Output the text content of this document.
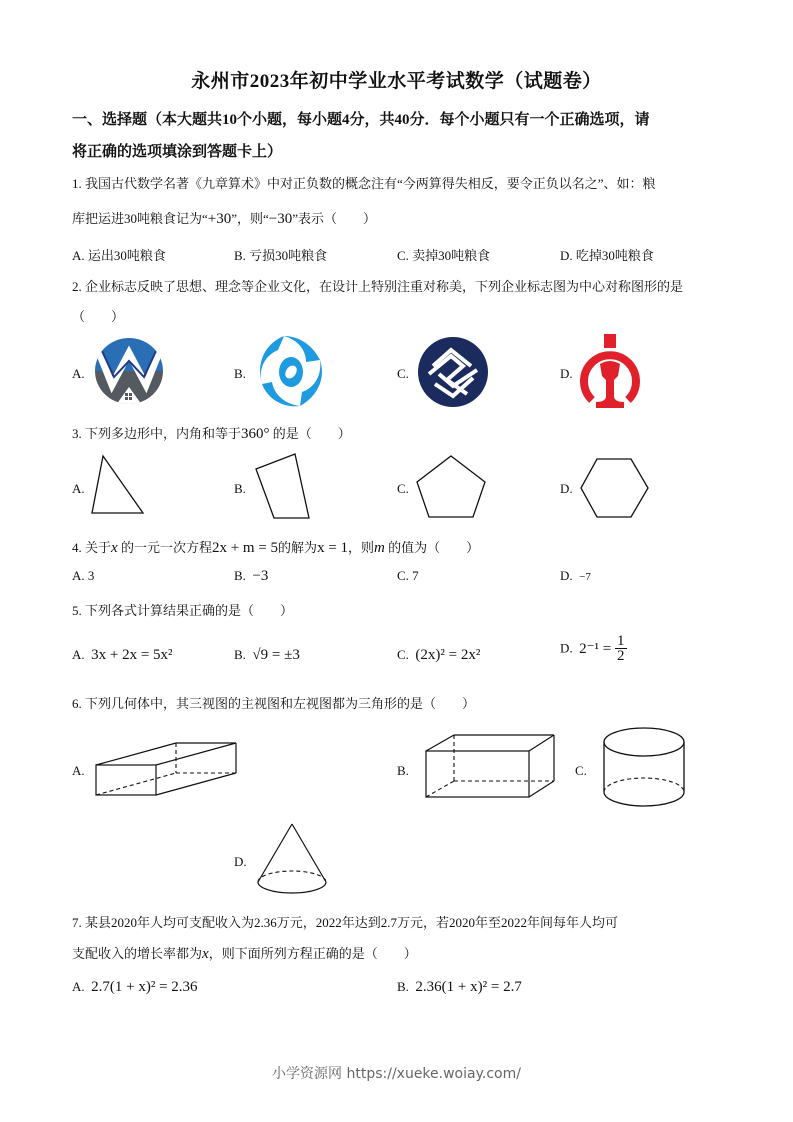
永州市2023年初中学业水平考试数学（试题卷）
一、选择题（本大题共10个小题，每小题4分，共40分．每个小题只有一个正确选项，请
将正确的选项填涂到答题卡上）
1. 我国古代数学名著《九章算术》中对正负数的概念注有“今两算得失相反，要令正负以名之”、如：粮
库把运进30吨粮食记为“+30”，则“−30”表示（　　）
A. 运出30吨粮食	B. 亏损30吨粮食	C. 卖掉30吨粮食	D. 吃掉30吨粮食
2. 企业标志反映了思想、理念等企业文化，在设计上特别注重对称美，下列企业标志图为中心对称图形的是
（　　）
A.	B.	C.	D.
3. 下列多边形中，内角和等于360° 的是（　　）
A.	B.	C.	D.
4. 关于x 的一元一次方程2x + m = 5的解为x = 1，则m 的值为（　　）
A. 3	B. −3	C. 7	D. −7
5. 下列各式计算结果正确的是（　　）
A. 3x + 2x = 5x²	B. √9 = ±3	C. (2x)² = 2x²	D. $2^{-1} = \frac{1}{2}$
6. 下列几何体中，其三视图的主视图和左视图都为三角形的是（　　）
A.	B.	C.
D.
7. 某县2020年人均可支配收入为2.36万元，2022年达到2.7万元，若2020年至2022年间每年人均可
支配收入的增长率都为x，则下面所列方程正确的是（　　）
A. 2.7(1 + x)² = 2.36	B. 2.36(1 + x)² = 2.7
小学资源网 https://xueke.woiay.com/
